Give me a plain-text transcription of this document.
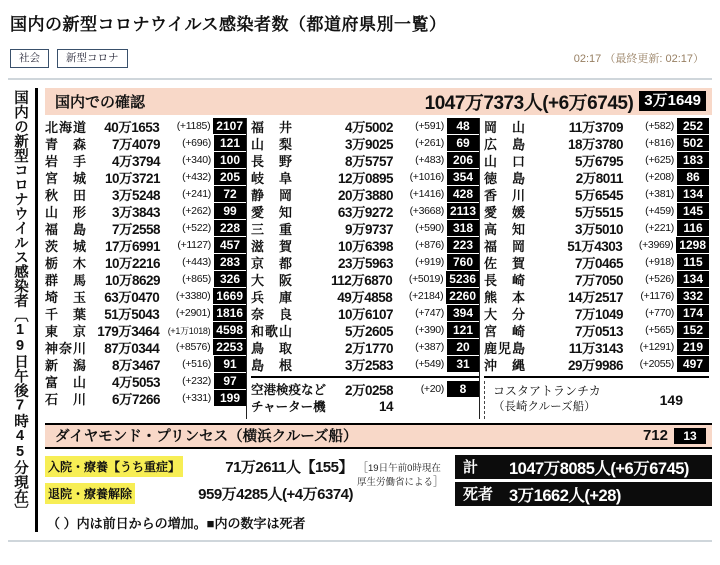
国内の新型コロナウイルス感染者数（都道府県別一覧）
社会	新型コロナ	02:17 （最終更新: 02:17）
国内の新型コロナウイルス感染者〔19日午後7時45分現在〕	国内での確認	1047万7373人(+6万6745) 3万1649
北 海 道	40万1653	(+1185) 2107
青 森	7万4079	(+696) 121
岩 手	4万3794	(+340) 100
宮 城	10万3721	(+432) 205
秋 田	3万5248	(+241)	72
山 形	3万3843	(+262)	99
福 島	7万2558	(+522) 228
茨 城	17万6991	(+1127) 457
栃 木	10万2216	(+443) 283
群 馬	10万8629	(+865) 326
埼 玉	63万0470	(+3380) 1669
千 葉	51万5043	(+2901) 1816
東 京 179万3464 (+1万1018) 4598
神 奈 川	87万0344	(+8576) 2253
新 潟	8万3467	(+516)	91
富 山	4万5053	(+232)	97
石 川	6万7266	(+331) 199
福 井	4万5002	(+591)	48
山 梨	3万9025	(+261)	69
長 野	8万5757	(+483) 206
岐 阜	12万0895	(+1016) 354
静 岡	20万3880	(+1416) 428
愛 知	63万9272	(+3668) 2113
三 重	9万9737	(+590) 318
滋 賀	10万6398	(+876) 223
京 都	23万5963	(+919) 760
大 阪	112万6870	(+5019) 5236
兵 庫	49万4858	(+2184) 2260
奈 良	10万6107	(+747) 394
和 歌 山	5万2605	(+390) 121
鳥 取	2万1770	(+387)	20
島 根	3万2583	(+549)	31
空港検疫など	2万0258	(+20)	8
チャーター機	14
岡 山	11万3709	(+582) 252
広 島	18万3780	(+816) 502
山 口	5万6795	(+625) 183
徳 島	2万8011	(+208)	86
香 川	5万6545	(+381) 134
愛 媛	5万5515	(+459) 145
高 知	3万5010	(+221) 116
福 岡	51万4303	(+3969) 1298
佐 賀	7万0465	(+918) 115
長 崎	7万7050	(+526) 134
熊 本	14万2517	(+1176) 332
大 分	7万1049	(+770) 174
宮 崎	7万0513	(+565) 152
鹿 児 島	11万3143	(+1291) 219
沖 縄	29万9986	(+2055) 497
コスタアトランチカ
（長崎クルーズ船）	149
ダイヤモンド・プリンセス（横浜クルーズ船）	712	13
入院・療養【うち重症】	71万2611人【155】
退院・療養解除	959万4285人(+4万6374)
［19日午前0時現在
厚生労働省による］
計	1047万8085人(+6万6745)
死者 3万1662人(+28)
（ ）内は前日からの増加。■内の数字は死者
